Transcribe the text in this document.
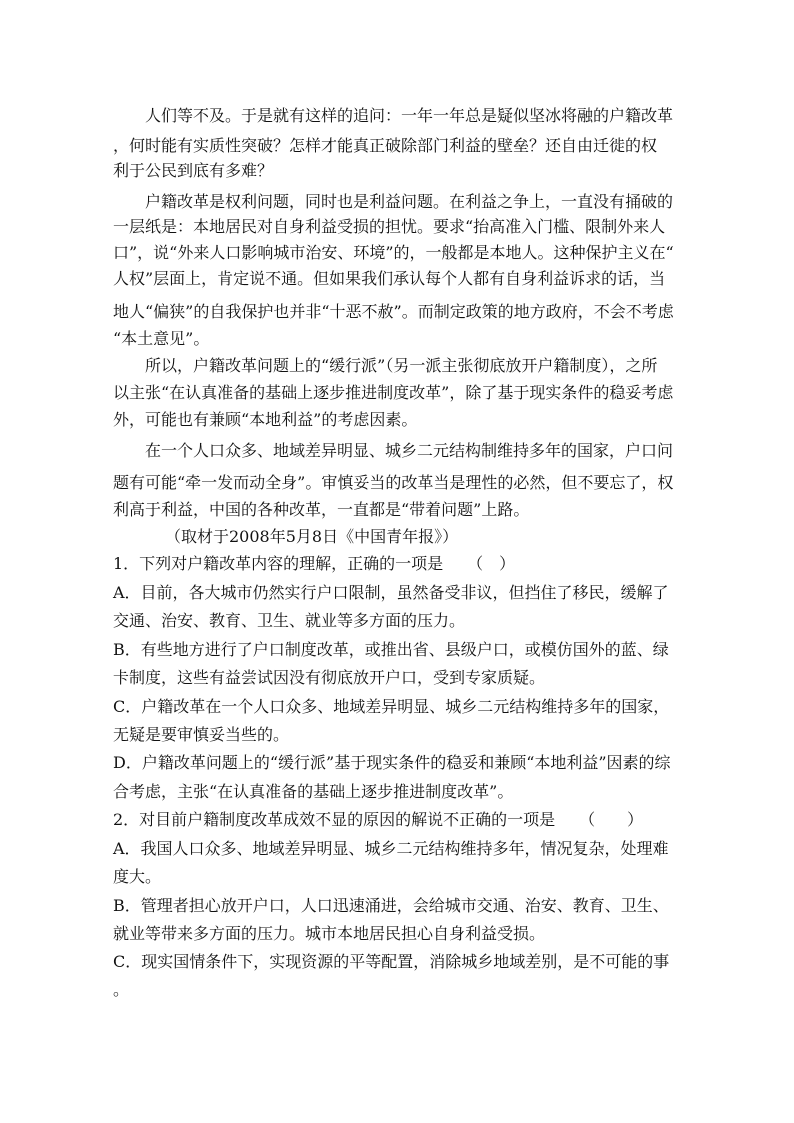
人们等不及。于是就有这样的追问：一年一年总是疑似坚冰将融的户籍改革
，何时能有实质性突破？怎样才能真正破除部门利益的壁垒？还自由迁徙的权
利于公民到底有多难？
户籍改革是权利问题，同时也是利益问题。在利益之争上，一直没有捅破的
一层纸是：本地居民对自身利益受损的担忧。要求“抬高准入门槛、限制外来人
口”，说“外来人口影响城市治安、环境”的，一般都是本地人。这种保护主义在“
人权”层面上，肯定说不通。但如果我们承认每个人都有自身利益诉求的话，当
地人“偏狭”的自我保护也并非“十恶不赦”。而制定政策的地方政府，不会不考虑
“本土意见”。
所以，户籍改革问题上的“缓行派”（另一派主张彻底放开户籍制度），之所
以主张“在认真准备的基础上逐步推进制度改革”，除了基于现实条件的稳妥考虑
外，可能也有兼顾“本地利益”的考虑因素。
在一个人口众多、地域差异明显、城乡二元结构制维持多年的国家，户口问
题有可能“牵一发而动全身”。审慎妥当的改革当是理性的必然，但不要忘了，权
利高于利益，中国的各种改革，一直都是“带着问题”上路。
（取材于2008年5月8日《中国青年报》）
1．下列对户籍改革内容的理解，正确的一项是　　（　）
A．目前，各大城市仍然实行户口限制，虽然备受非议，但挡住了移民，缓解了
交通、治安、教育、卫生、就业等多方面的压力。
B．有些地方进行了户口制度改革，或推出省、县级户口，或模仿国外的蓝、绿
卡制度，这些有益尝试因没有彻底放开户口，受到专家质疑。
C．户籍改革在一个人口众多、地域差异明显、城乡二元结构维持多年的国家，
无疑是要审慎妥当些的。
D．户籍改革问题上的“缓行派”基于现实条件的稳妥和兼顾“本地利益”因素的综
合考虑，主张“在认真准备的基础上逐步推进制度改革”。
2．对目前户籍制度改革成效不显的原因的解说不正确的一项是　　（　　）
A．我国人口众多、地域差异明显、城乡二元结构维持多年，情况复杂，处理难
度大。
B．管理者担心放开户口，人口迅速涌进，会给城市交通、治安、教育、卫生、
就业等带来多方面的压力。城市本地居民担心自身利益受损。
C．现实国情条件下，实现资源的平等配置，消除城乡地域差别，是不可能的事
。
